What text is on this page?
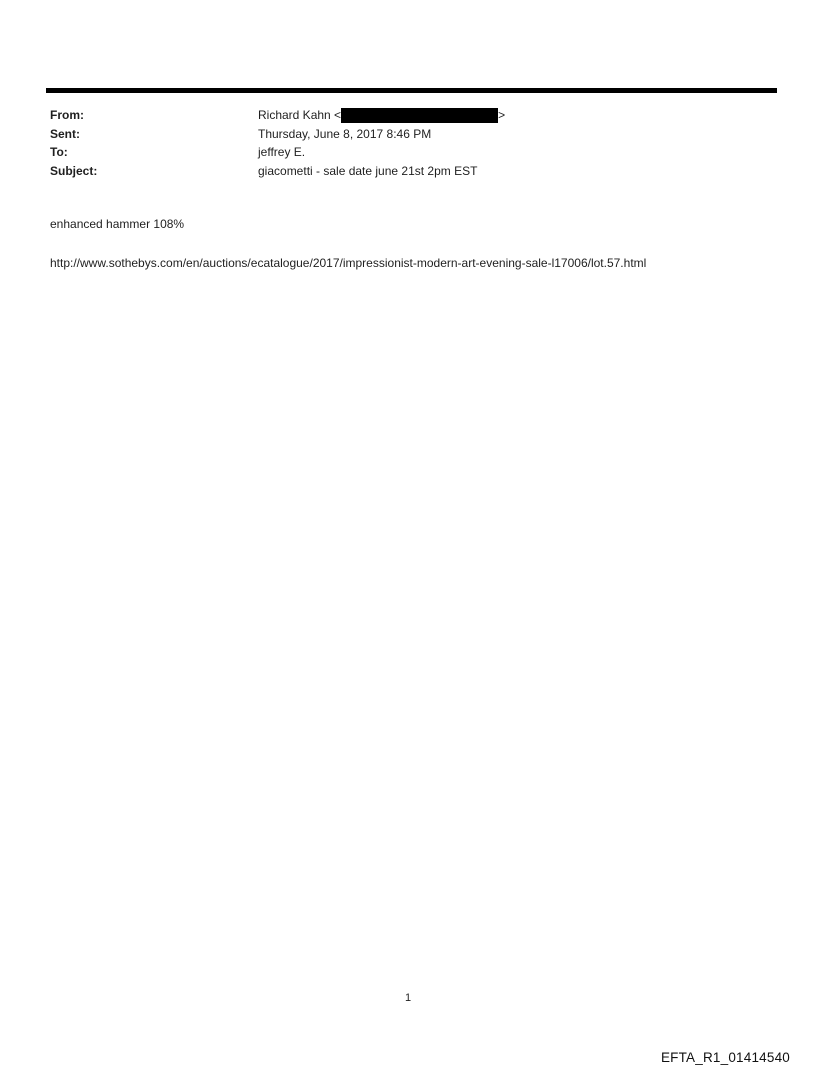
From:	Richard Kahn <	>
Sent:	Thursday, June 8, 2017 8:46 PM
To:	jeffrey E.
Subject:	giacometti - sale date june 21st 2pm EST
enhanced hammer 108%
http://www.sothebys.com/en/auctions/ecatalogue/2017/impressionist-modern-art-evening-sale-l17006/lot.57.html
1
EFTA_R1_01414540
